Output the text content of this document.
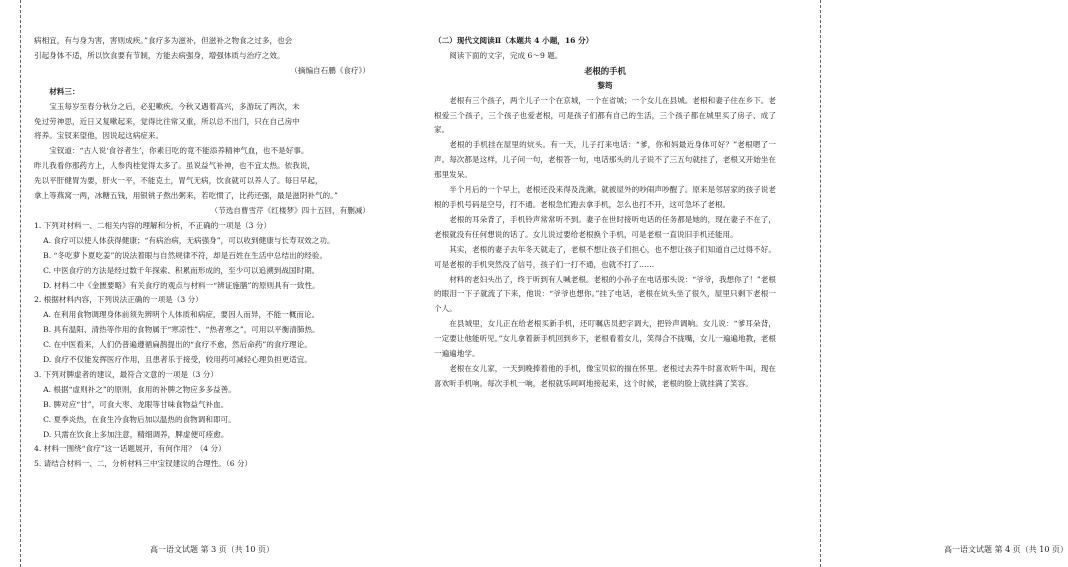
病相宜，有与身为害，害则成疾。”食疗多为滋补，但滋补之物食之过多，也会
引起身体不适，所以饮食要有节制，方能去病强身，增强体质与治疗之效。
（摘编自石鹏《食疗》）
材料三：
宝玉每岁至春分秋分之后，必犯嗽疾。今秋又遇着高兴，多游玩了两次，未
免过劳神思，近日又复嗽起来，觉得比往常又重，所以总不出门，只在自己房中
将养。宝钗来望他，因说起这病症来。
宝钗道：“古人说‘食谷者生’，你素日吃的竟不能添养精神气血，也不是好事。
昨儿我看你那药方上，人参肉桂觉得太多了。虽说益气补神，也不宜太热。依我说，
先以平肝健胃为要，肝火一平，不能克土，胃气无病，饮食就可以养人了。每日早起，
拿上等燕窝一两，冰糖五钱，用银铫子熬出粥来，若吃惯了，比药还强，最是滋阴补气的。”
（节选自曹雪芹《红楼梦》四十五回，有删减）
1. 下列对材料一、二相关内容的理解和分析，不正确的一项是（3 分）
A. 食疗可以使人体获得健康；“有病治病，无病强身”，可以收到健康与长寿双效之功。
B. “冬吃萝卜夏吃姜”的说法着眼与自然规律不符，却是百姓在生活中总结出的经验。
C. 中医食疗的方法是经过数千年探索、积累而形成的，至少可以追溯到战国时期。
D. 材料二中《金匮要略》有关食疗的观点与材料一“辨证施膳”的原则具有一致性。
2. 根据材料内容，下列说法正确的一项是（3 分）
A. 在利用食物调理身体前须先辨明个人体质和病症，要因人而异，不能一概而论。
B. 具有温阳、清热等作用的食物属于“寒凉性”、“热者寒之”，可用以平衡清肺热。
C. 在中医看来，人们仍普遍遵循扁鹊提出的“食疗不愈，然后命药”的食疗理论。
D. 食疗不仅能发挥医疗作用，且患者乐于接受，较用药可减轻心理负担更适宜。
3. 下列对脾虚者的建议，最符合文意的一项是（3 分）
A. 根据“虚则补之”的原则，食用的补脾之物应多多益善。
B. 脾对应“甘”，可食大枣、龙眼等甘味食物益气补血。
C. 夏季炎热，在食生冷食物后加以温热的食物调和即可。
D. 只需在饮食上多加注意，精细调养，脾虚便可痊愈。
4. 材料一围绕“食疗”这一话题展开，有何作用？（4 分）
5. 请结合材料一、二，分析材料三中宝钗建议的合理性。（6 分）
高一语文试题 第 3 页（共 10 页）
（二）现代文阅读Ⅱ（本题共 4 小题，16 分）
阅读下面的文字，完成 6～9 题。
老根的手机
黎筠
老根有三个孩子，两个儿子一个在京城，一个在省城；一个女儿在县城。老根和妻子住在乡下。老根爱三个孩子，三个孩子也爱老根，可是孩子们都有自己的生活，三个孩子都在城里买了房子、成了家。
老根的手机挂在屋里的炕头。有一天，儿子打来电话：“爹，你和妈最近身体可好？”老根嗯了一声。每次都是这样，儿子问一句，老根答一句，电话那头的儿子说不了三五句就挂了，老根又开始坐在那里发呆。
半个月后的一个早上，老根还没来得及洗漱，就被屋外的吵闹声吵醒了。原来是邻居家的孩子说老根的手机号码是空号，打不通。老根急忙跑去拿手机，怎么也打不开，这可急坏了老根。
老根的耳朵背了，手机铃声常常听不到。妻子在世时接听电话的任务都是她的，现在妻子不在了，老根就没有任何想说的话了。女儿说过要给老根换个手机，可是老根一直说旧手机还能用。
其实，老根的妻子去年冬天就走了，老根不想让孩子们担心，也不想让孩子们知道自己过得不好。可是老根的手机突然没了信号，孩子们一打不通，也就不打了……
材料的老妇头出了，终于听到有人喊老根。老根的小孙子在电话那头说：“爷爷，我想你了！”老根的眼泪一下子就流了下来，他说：“爷爷也想你。”挂了电话，老根在炕头坐了很久，屋里只剩下老根一个人。
在县城里，女儿正在给老根买新手机，还叮嘱店员把字调大，把铃声调响。女儿说：“爹耳朵背，一定要让他能听见。”女儿拿着新手机回到乡下，老根看着女儿，笑得合不拢嘴，女儿一遍遍地教，老根一遍遍地学。
老根在女儿家，一天到晚捧着他的手机，像宝贝似的揣在怀里。老根过去养牛时喜欢听牛叫，现在喜欢听手机响。每次手机一响，老根就乐呵呵地接起来，这个时候，老根的脸上就挂满了笑容。
高一语文试题 第 4 页（共 10 页）
